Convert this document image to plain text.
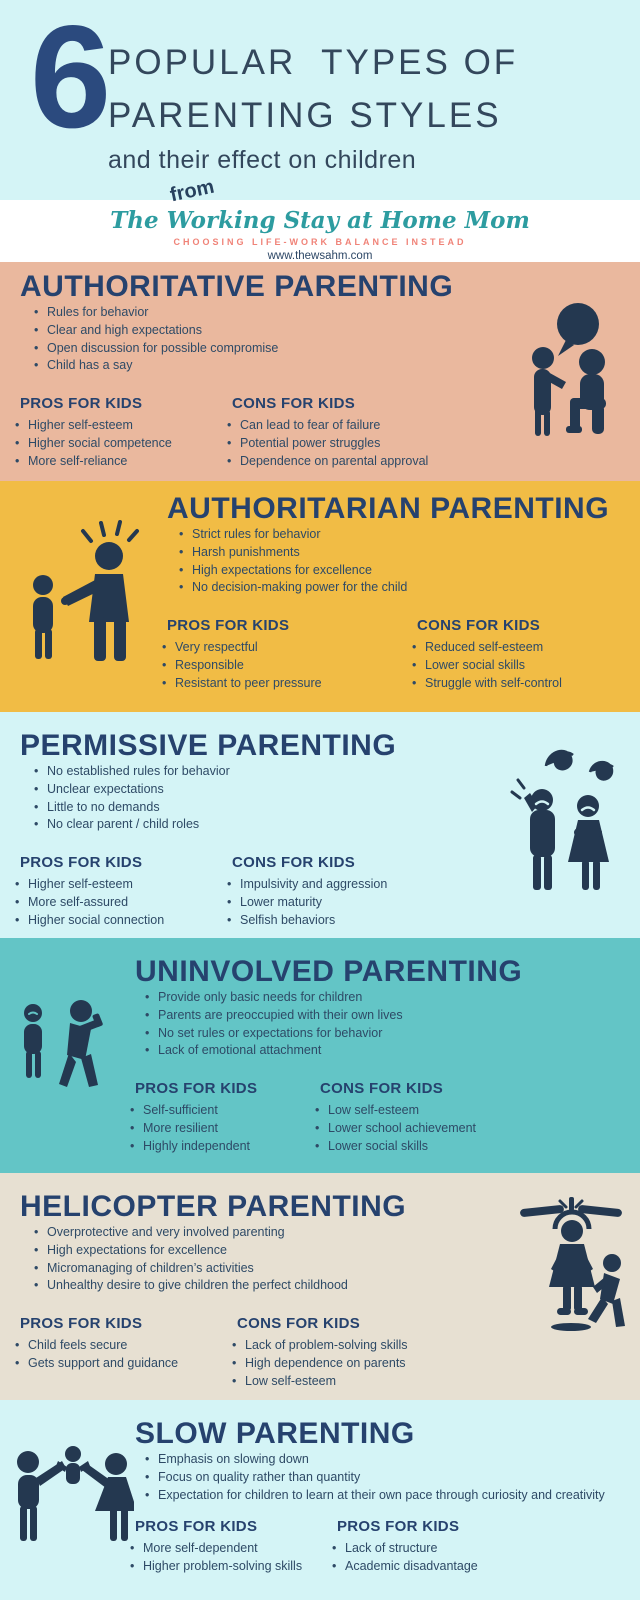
6
POPULAR  TYPES OF
PARENTING STYLES
and their effect on children
from
The Working Stay at Home Mom
CHOOSING LIFE-WORK BALANCE INSTEAD
www.thewsahm.com
AUTHORITATIVE PARENTING
• Rules for behavior
• Clear and high expectations
• Open discussion for possible compromise
• Child has a say
PROS FOR KIDS
• Higher self-esteem
• Higher social competence
• More self-reliance
CONS FOR KIDS
• Can lead to fear of failure
• Potential power struggles
• Dependence on parental approval
AUTHORITARIAN PARENTING
• Strict rules for behavior
• Harsh punishments
• High expectations for excellence
• No decision-making power for the child
PROS FOR KIDS
• Very respectful
• Responsible
• Resistant to peer pressure
CONS FOR KIDS
• Reduced self-esteem
• Lower social skills
• Struggle with self-control
PERMISSIVE PARENTING
• No established rules for behavior
• Unclear expectations
• Little to no demands
• No clear parent / child roles
PROS FOR KIDS
• Higher self-esteem
• More self-assured
• Higher social connection
CONS FOR KIDS
• Impulsivity and aggression
• Lower maturity
• Selfish behaviors
UNINVOLVED PARENTING
• Provide only basic needs for children
• Parents are preoccupied with their own lives
• No set rules or expectations for behavior
• Lack of emotional attachment
PROS FOR KIDS
• Self-sufficient
• More resilient
• Highly independent
CONS FOR KIDS
• Low self-esteem
• Lower school achievement
• Lower social skills
HELICOPTER PARENTING
• Overprotective and very involved parenting
• High expectations for excellence
• Micromanaging of children’s activities
• Unhealthy desire to give children the perfect childhood
PROS FOR KIDS
• Child feels secure
• Gets support and guidance
CONS FOR KIDS
• Lack of problem-solving skills
• High dependence on parents
• Low self-esteem
SLOW PARENTING
• Emphasis on slowing down
• Focus on quality rather than quantity
• Expectation for children to learn at their own pace through curiosity and creativity
PROS FOR KIDS
• More self-dependent
• Higher problem-solving skills
PROS FOR KIDS
• Lack of structure
• Academic disadvantage
